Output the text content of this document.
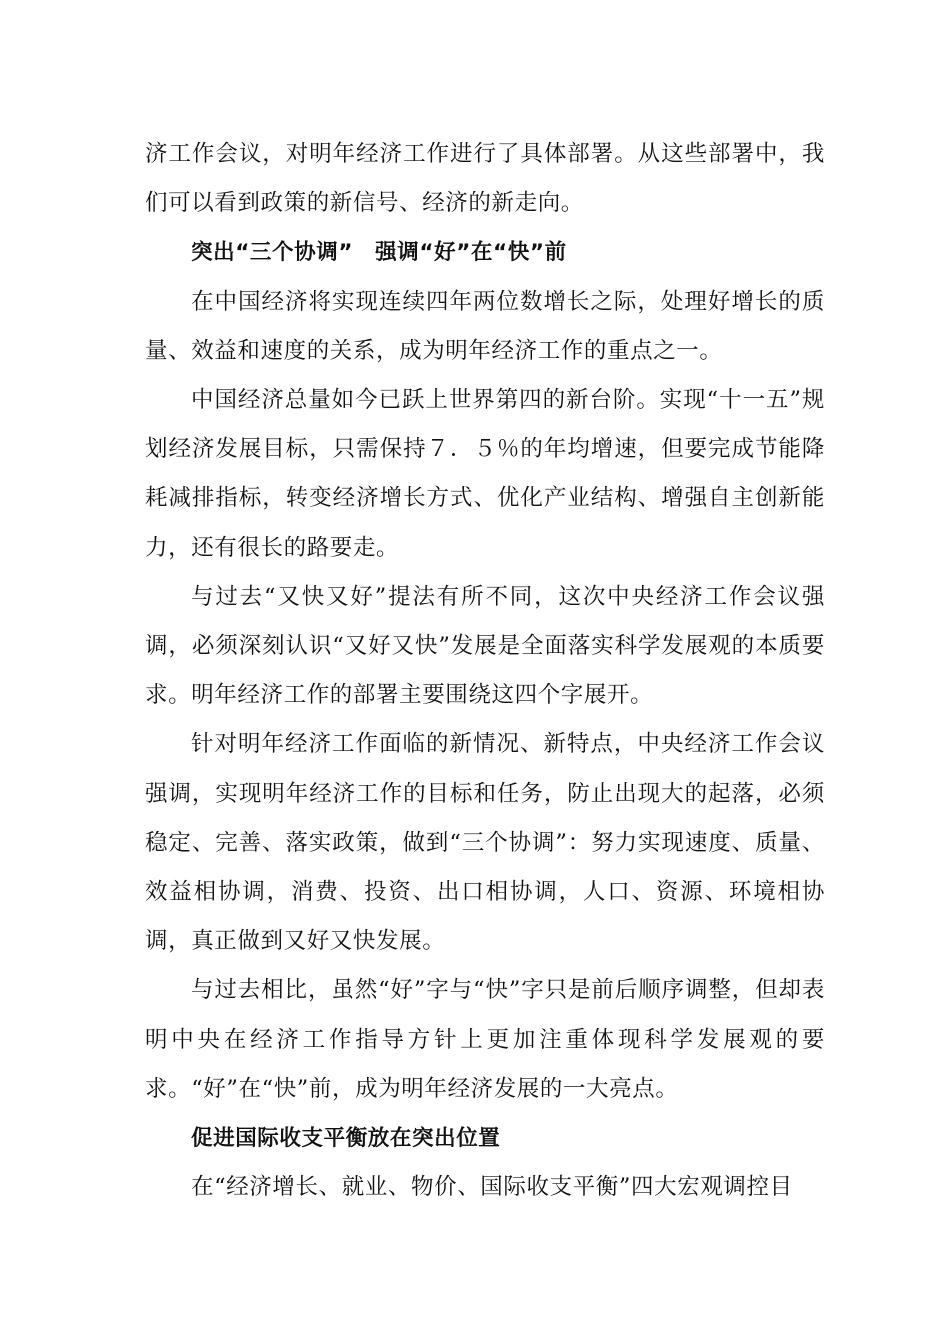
济工作会议，对明年经济工作进行了具体部署。从这些部署中，我们可以看到政策的新信号、经济的新走向。

突出“三个协调”　强调“好”在“快”前

在中国经济将实现连续四年两位数增长之际，处理好增长的质量、效益和速度的关系，成为明年经济工作的重点之一。

中国经济总量如今已跃上世界第四的新台阶。实现“十一五”规划经济发展目标，只需保持７．５％的年均增速，但要完成节能降耗减排指标，转变经济增长方式、优化产业结构、增强自主创新能力，还有很长的路要走。

与过去“又快又好”提法有所不同，这次中央经济工作会议强调，必须深刻认识“又好又快”发展是全面落实科学发展观的本质要求。明年经济工作的部署主要围绕这四个字展开。

针对明年经济工作面临的新情况、新特点，中央经济工作会议强调，实现明年经济工作的目标和任务，防止出现大的起落，必须稳定、完善、落实政策，做到“三个协调”：努力实现速度、质量、效益相协调，消费、投资、出口相协调，人口、资源、环境相协调，真正做到又好又快发展。

与过去相比，虽然“好”字与“快”字只是前后顺序调整，但却表明中央在经济工作指导方针上更加注重体现科学发展观的要求。“好”在“快”前，成为明年经济发展的一大亮点。

促进国际收支平衡放在突出位置

在“经济增长、就业、物价、国际收支平衡”四大宏观调控目
